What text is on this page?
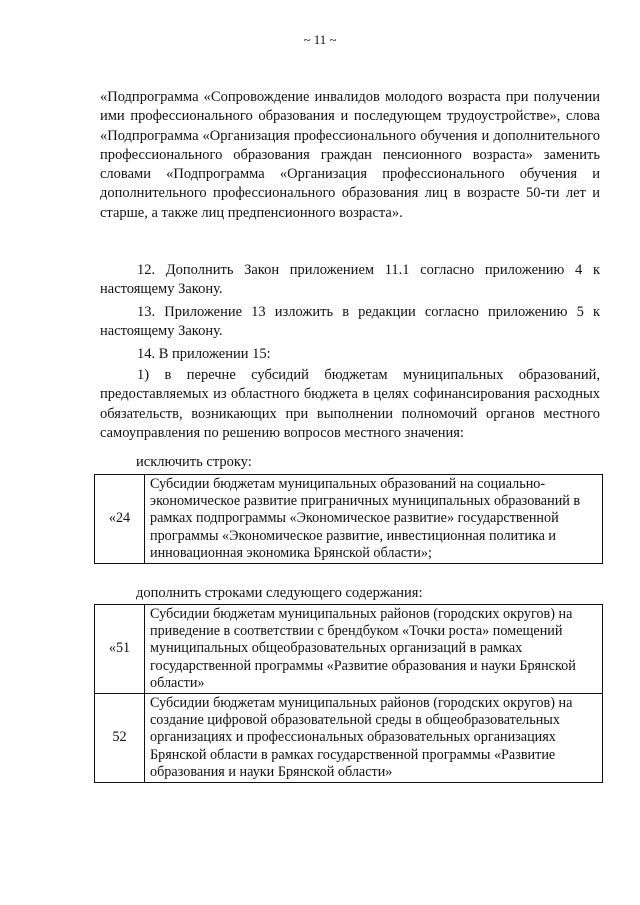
~ 11 ~
«Подпрограмма «Сопровождение инвалидов молодого возраста при получении ими профессионального образования и последующем трудоустройстве», слова «Подпрограмма «Организация профессионального обучения и дополнительного профессионального образования граждан пенсионного возраста» заменить словами «Подпрограмма «Организация профессионального обучения и дополнительного профессионального образования лиц в возрасте 50-ти лет и старше, а также лиц предпенсионного возраста».
12. Дополнить Закон приложением 11.1 согласно приложению 4 к настоящему Закону.
13. Приложение 13 изложить в редакции согласно приложению 5 к настоящему Закону.
14. В приложении 15:
1) в перечне субсидий бюджетам муниципальных образований, предоставляемых из областного бюджета в целях софинансирования расходных обязательств, возникающих при выполнении полномочий органов местного самоуправления по решению вопросов местного значения:
исключить строку:
«24	Субсидии бюджетам муниципальных образований на социально-экономическое развитие приграничных муниципальных образований в рамках подпрограммы «Экономическое развитие» государственной программы «Экономическое развитие, инвестиционная политика и инновационная экономика Брянской области»;
дополнить строками следующего содержания:
«51	Субсидии бюджетам муниципальных районов (городских округов) на приведение в соответствии с брендбуком «Точки роста» помещений муниципальных общеобразовательных организаций в рамках государственной программы «Развитие образования и науки Брянской области»
52	Субсидии бюджетам муниципальных районов (городских округов) на создание цифровой образовательной среды в общеобразовательных организациях и профессиональных образовательных организациях Брянской области в рамках государственной программы «Развитие образования и науки Брянской области»
